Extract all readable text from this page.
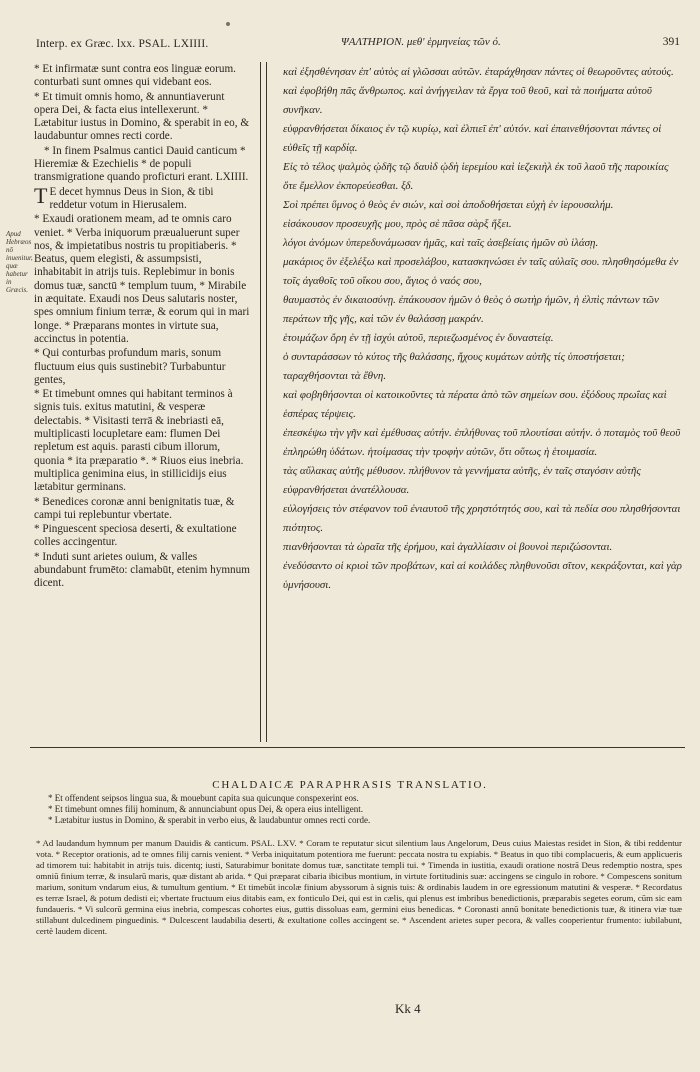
Interp. ex Græc. lxx. PSAL. LXIIII.	ΨΑΛΤΗΡΙΟΝ. μεθ' ἑρμηνείας τῶν ό.	391
Apud Hebræos nō inuenitur, quæ habetur in Græcis.

* Et infirmatæ sunt contra eos linguæ eorum. conturbati sunt omnes qui videbant eos.

* Et timuit omnis homo, & annuntiaverunt opera Dei, & facta eius intellexerunt. * Lætabitur iustus in Domino, & sperabit in eo, & laudabuntur omnes recti corde.

* In finem Psalmus cantici Dauid canticum * Hieremiæ & Ezechielis * de populi transmigratione quando proficturi erant. LXIIII.

TE decet hymnus Deus in Sion, & tibi reddetur votum in Hierusalem.

* Exaudi orationem meam, ad te omnis caro veniet. * Verba iniquorum præualuerunt super nos, & impietatibus nostris tu propitiaberis. * Beatus, quem elegisti, & assumpsisti, inhabitabit in atrijs tuis. Replebimur in bonis domus tuæ, sanctū * templum tuum, * Mirabile in æquitate. Exaudi nos Deus salutaris noster, spes omnium finium terræ, & eorum qui in mari longe. * Præparans montes in virtute sua, accinctus in potentia.

* Qui conturbas profundum maris, sonum fluctuum eius quis sustinebit? Turbabuntur gentes,

* Et timebunt omnes qui habitant terminos à signis tuis. exitus matutini, & vesperæ delectabis. * Visitasti terrā & inebriasti eā, multiplicasti locupletare eam: flumen Dei repletum est aquis. parasti cibum illorum, quonia * ita præparatio *. * Riuos eius inebria. multiplica genimina eius, in stillicidijs eius lætabitur germinans.

* Benedices coronæ anni benignitatis tuæ, & campi tui replebuntur vbertate.

* Pinguescent speciosa deserti, & exultatione colles accingentur.

* Induti sunt arietes ouium, & valles abundabunt frumēto: clamabūt, etenim hymnum dicent.

καὶ ἐξησθένησαν ἐπ' αὐτὸς αἱ γλῶσσαι αὐτῶν. ἐταράχθησαν πάντες οἱ θεωροῦντες αὐτούς.

καὶ ἐφοβήθη πᾶς ἄνθρωπος. καὶ ἀνήγγειλαν τὰ ἔργα τοῦ θεοῦ, καὶ τὰ ποιήματα αὐτοῦ συνῆκαν.

εὐφρανθήσεται δίκαιος ἐν τῷ κυρίῳ, καὶ ἐλπιεῖ ἐπ' αὐτόν. καὶ ἐπαινεθήσονται πάντες οἱ εὐθεῖς τῇ καρδίᾳ.

Εἰς τὸ τέλος ψαλμὸς ᾠδῆς τῷ δαυὶδ ᾠδὴ ἱερεμίου καὶ ἰεζεκιὴλ ἐκ τοῦ λαοῦ τῆς παροικίας ὅτε ἔμελλον ἐκπορεύεσθαι. ξδ.

Σοὶ πρέπει ὕμνος ὁ θεὸς ἐν σιών, καὶ σοὶ ἀποδοθήσεται εὐχὴ ἐν ἱερουσαλήμ.

εἰσάκουσον προσευχῆς μου, πρὸς σὲ πᾶσα σὰρξ ἥξει.

λόγοι ἀνόμων ὑπερεδυνάμωσαν ἡμᾶς, καὶ ταῖς ἀσεβείαις ἡμῶν σὺ ἱλάσῃ.

μακάριος ὃν ἐξελέξω καὶ προσελάβου, κατασκηνώσει ἐν ταῖς αὐλαῖς σου. πλησθησόμεθα ἐν τοῖς ἀγαθοῖς τοῦ οἴκου σου, ἅγιος ὁ ναός σου,

θαυμαστὸς ἐν δικαιοσύνῃ. ἐπάκουσον ἡμῶν ὁ θεὸς ὁ σωτὴρ ἡμῶν, ἡ ἐλπὶς πάντων τῶν περάτων τῆς γῆς, καὶ τῶν ἐν θαλάσσῃ μακράν.

ἑτοιμάζων ὄρη ἐν τῇ ἰσχύι αὐτοῦ, περιεζωσμένος ἐν δυναστείᾳ.

ὁ συνταράσσων τὸ κύτος τῆς θαλάσσης, ἤχους κυμάτων αὐτῆς τίς ὑποστήσεται; ταραχθήσονται τὰ ἔθνη.

καὶ φοβηθήσονται οἱ κατοικοῦντες τὰ πέρατα ἀπὸ τῶν σημείων σου. ἐξόδους πρωΐας καὶ ἑσπέρας τέρψεις.

ἐπεσκέψω τὴν γῆν καὶ ἐμέθυσας αὐτήν. ἐπλήθυνας τοῦ πλουτίσαι αὐτήν. ὁ ποταμὸς τοῦ θεοῦ ἐπληρώθη ὑδάτων. ἡτοίμασας τὴν τροφὴν αὐτῶν, ὅτι οὕτως ἡ ἑτοιμασία.

τὰς αὔλακας αὐτῆς μέθυσον. πλήθυνον τὰ γεννήματα αὐτῆς, ἐν ταῖς σταγόσιν αὐτῆς εὐφρανθήσεται ἀνατέλλουσα.

εὐλογήσεις τὸν στέφανον τοῦ ἐνιαυτοῦ τῆς χρηστότητός σου, καὶ τὰ πεδία σου πλησθήσονται πιότητος.

πιανθήσονται τὰ ὡραῖα τῆς ἐρήμου, καὶ ἀγαλλίασιν οἱ βουνοὶ περιζώσονται.

ἐνεδύσαντο οἱ κριοὶ τῶν προβάτων, καὶ αἱ κοιλάδες πληθυνοῦσι σῖτον, κεκράξονται, καὶ γὰρ ὑμνήσουσι.

CHALDAICÆ PARAPHRASIS TRANSLATIO.
* Et offendent seipsos lingua sua, & mouebunt capita sua quicunque conspexerint eos.
* Et timebunt omnes filij hominum, & annunciabunt opus Dei, & opera eius intelligent.
* Lætabitur iustus in Domino, & sperabit in verbo eius, & laudabuntur omnes recti corde.
* Ad laudandum hymnum per manum Dauidis & canticum. PSAL. LXV. * Coram te reputatur sicut silentium laus Angelorum, Deus cuius Maiestas residet in Sion, & tibi reddentur vota. * Receptor orationis, ad te omnes filij carnis venient. * Verba iniquitatum potentiora me fuerunt: peccata nostra tu expiabis. * Beatus in quo tibi complacueris, & eum applicueris ad timorem tui: habitabit in atrijs tuis. dicentq; iusti, Saturabimur bonitate domus tuæ, sanctitate templi tui. * Timenda in iustitia, exaudi oratione nostrā Deus redemptio nostra, spes omniū finium terræ, & insularū maris, quæ distant ab arida. * Qui præparat cibaria ibicibus montium, in virtute fortitudinis suæ: accingens se cingulo in robore. * Compescens sonitum marium, sonitum vndarum eius, & tumultum gentium. * Et timebūt incolæ finium abyssorum à signis tuis: & ordinabis laudem in ore egressionum matutini & vesperæ. * Recordatus es terræ Israel, & potum dedisti ei; vbertate fructuum eius ditabis eam, ex fonticulo Dei, qui est in cælis, qui plenus est imbribus benedictionis, præparabis segetes eorum, cūm sic eam fundaueris. * Vi sulcorū germina eius inebria, compescas cohortes eius, guttis dissoluas eam, germini eius benedicas. * Coronasti annū bonitate benedictionis tuæ, & itinera viæ tuæ stillabunt dulcedinem pinguedinis. * Dulcescent laudabilia deserti, & exultatione colles accingent se. * Ascendent arietes super pecora, & valles cooperientur frumento: iubilabunt, certè laudem dicent.
Kk 4
